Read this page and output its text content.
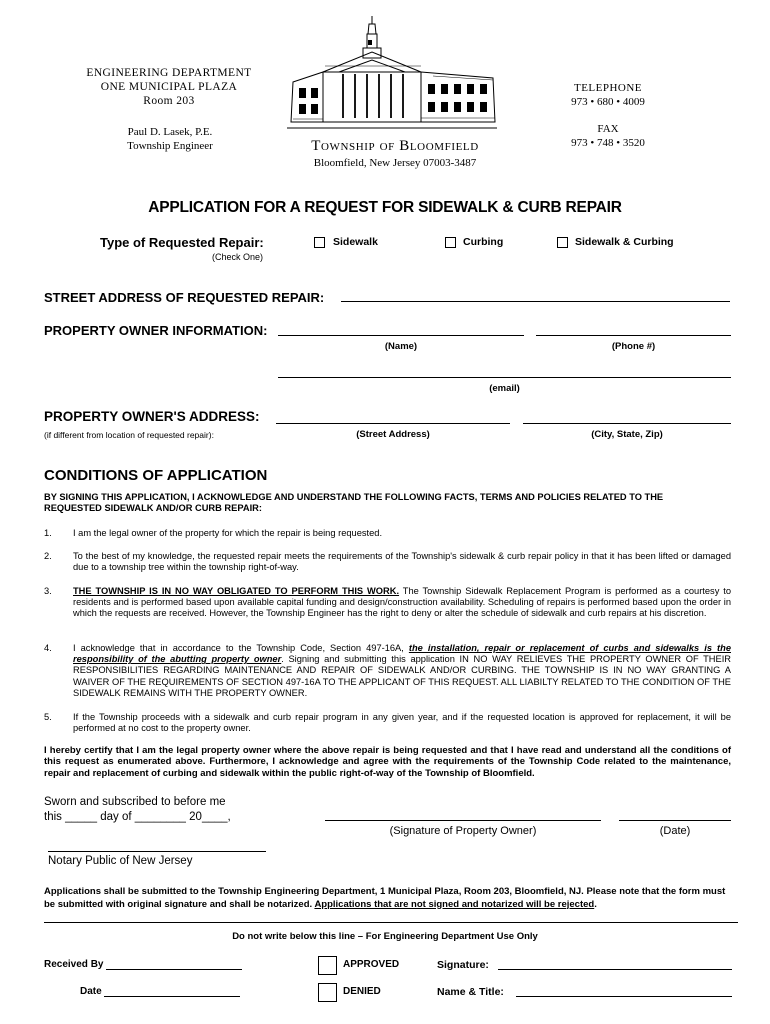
ENGINEERING DEPARTMENT
ONE MUNICIPAL PLAZA
Room 203
Paul D. Lasek, P.E.
Township Engineer	Township of Bloomfield
Bloomfield, New Jersey 07003-3487
TELEPHONE
973 • 680 • 4009
FAX
973 • 748 • 3520
APPLICATION FOR A REQUEST FOR SIDEWALK & CURB REPAIR
Type of Requested Repair:
(Check One)
Sidewalk	Curbing	Sidewalk & Curbing
STREET ADDRESS OF REQUESTED REPAIR:
PROPERTY OWNER INFORMATION:
(Name)	(Phone #)
(email)
PROPERTY OWNER'S ADDRESS:
(if different from location of requested repair):	(Street Address)	(City, State, Zip)
CONDITIONS OF APPLICATION
BY SIGNING THIS APPLICATION, I ACKNOWLEDGE AND UNDERSTAND THE FOLLOWING FACTS, TERMS AND POLICIES RELATED TO THE
REQUESTED SIDEWALK AND/OR CURB REPAIR:
1. I am the legal owner of the property for which the repair is being requested.
2. To the best of my knowledge, the requested repair meets the requirements of the Township's sidewalk & curb repair policy in that it has been lifted or damaged due to a township tree within the township right-of-way.
3. THE TOWNSHIP IS IN NO WAY OBLIGATED TO PERFORM THIS WORK. The Township Sidewalk Replacement Program is performed as a courtesy to residents and is performed based upon available capital funding and design/construction availability. Scheduling of repairs is performed based upon the order in which the requests are received. However, the Township Engineer has the right to deny or alter the schedule of sidewalk and curb repairs at his discretion.
4. I acknowledge that in accordance to the Township Code, Section 497-16A, the installation, repair or replacement of curbs and sidewalks is the responsibility of the abutting property owner. Signing and submitting this application IN NO WAY RELIEVES THE PROPERTY OWNER OF THEIR RESPONSIBILITIES REGARDING MAINTENANCE AND REPAIR OF SIDEWALK AND/OR CURBING. THE TOWNSHIP IS IN NO WAY GRANTING A WAIVER OF THE REQUIREMENTS OF SECTION 497-16A TO THE APPLICANT OF THIS REQUEST. ALL LIABILTY RELATED TO THE CONDITION OF THE SIDEWALK REMAINS WITH THE PROPERTY OWNER.
5. If the Township proceeds with a sidewalk and curb repair program in any given year, and if the requested location is approved for replacement, it will be performed at no cost to the property owner.
I hereby certify that I am the legal property owner where the above repair is being requested and that I have read and understand all the conditions of this request as enumerated above. Furthermore, I acknowledge and agree with the requirements of the Township Code related to the maintenance, repair and replacement of curbing and sidewalk within the public right-of-way of the Township of Bloomfield.
Sworn and subscribed to before me
this _____ day of ________ 20____,
(Signature of Property Owner)	(Date)
Notary Public of New Jersey
Applications shall be submitted to the Township Engineering Department, 1 Municipal Plaza, Room 203, Bloomfield, NJ. Please note that the form must be submitted with original signature and shall be notarized. Applications that are not signed and notarized will be rejected.
Do not write below this line – For Engineering Department Use Only
Received By
Date
APPROVED
DENIED
Signature:
Name & Title:
